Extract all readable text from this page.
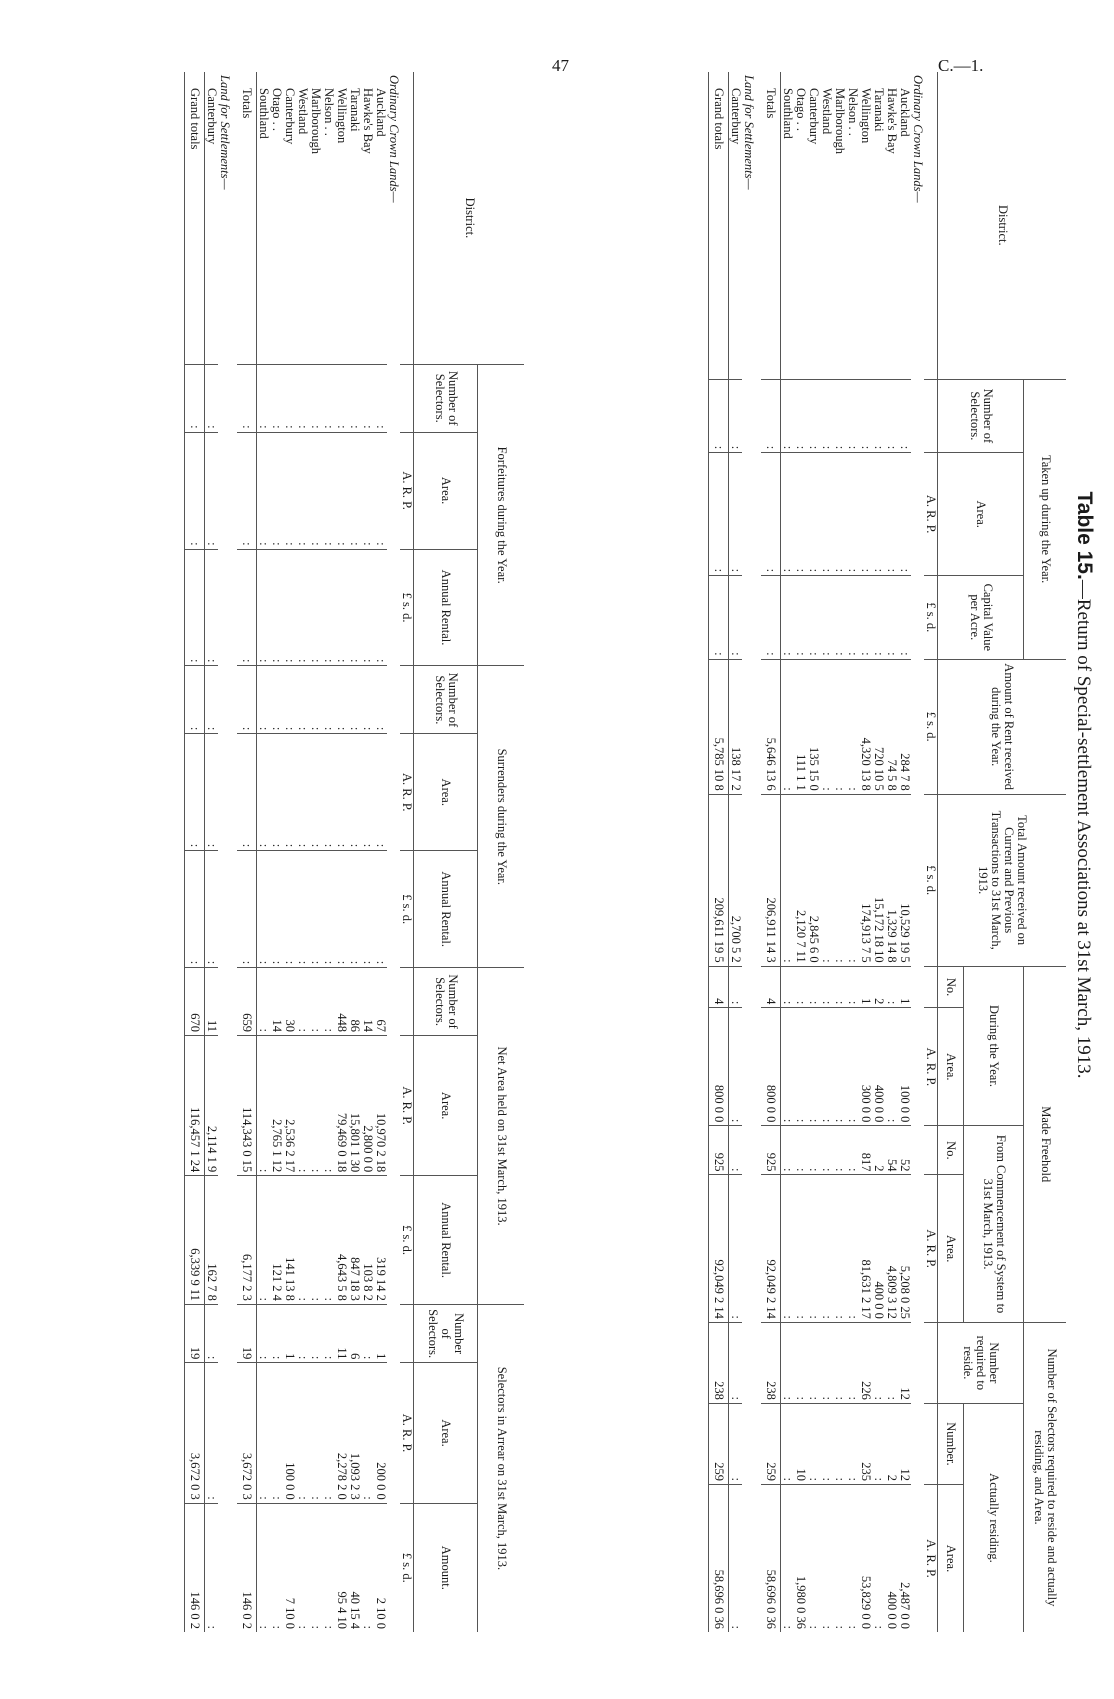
47	C.—1.
Table 15.—Return of Special-settlement Associations at 31st March, 1913.
District.	Taken up during the Year.			Amount of Rent received during the Year.	Total Amount received on Current and Previous Transactions to 31st March, 1913.	Made Freehold				Number of Selectors required to reside and actually residing, and Area.		
	Number of Selectors.	Area.	Capital Value per Acre.			During the Year.		From Commencement of System to 31st March, 1913.		Number required to reside.	Actually residing.	
						No.	Area.	No.	Area.		Number.	Area.
		A. R. P.	£ s. d.	£ s. d.	£ s. d.		A. R. P.		A. R. P.			A. R. P.
Ordinary Crown Lands—												
Auckland	:	:	:	284 7 8	10,529 19 5	1	100 0 0	52	5,208 0 25	12	12	2,487 0 0
Hawke's Bay	:	:	:	74 5 8	1,329 14 8	:	:	54	4,809 3 12	:	2	400 0 0
Taranaki	:	:	:	720 10 5	15,172 18 10	2	400 0 0	2	400 0 0	:	:	:
Wellington	:	:	:	4,320 13 8	174,913 7 5	1	300 0 0	817	81,631 2 17	226	235	53,829 0 0
Nelson . .	:	:	:	:	:	:	:	:	:	:	:	:
Marlborough	:	:	:	:	:	:	:	:	:	:	:	:
Westland	:	:	:	:	:	:	:	:	:	:	:	:
Canterbury	:	:	:	135 15 0	2,845 6 0	:	:	:	:	:	:	:
Otago . .	:	:	:	111 1 1	2,120 7 11	:	:	:	:	:	10	1,980 0 36
Southland	:	:	:	:	:	:	:	:	:	:	:	:
Totals	:	:	:	5,646 13 6	206,911 14 3	4	800 0 0	925	92,049 2 14	238	259	58,696 0 36
Land for Settlements—												
Canterbury	:	:	:	138 17 2	2,700 5 2	:	:	:	:	:	:	:
Grand totals	:	:	:	5,785 10 8	209,611 19 5	4	800 0 0	925	92,049 2 14	238	259	58,696 0 36
District.	Forfeitures during the Year.			Surrenders during the Year.			Net Area held on 31st March, 1913.			Selectors in Arrear on 31st March, 1913.		
	Number of Selectors.	Area.	Annual Rental.	Number of Selectors.	Area.	Annual Rental.	Number of Selectors.	Area.	Annual Rental.	Number of Selectors.	Area.	Amount.
		A. R. P.	£ s. d.		A. R. P.	£ s. d.		A. R. P.	£ s. d.		A. R. P.	£ s. d.
Ordinary Crown Lands—												
Auckland	:	:	:	:	:	:	67	10,970 2 18	319 14 2	1	200 0 0	2 10 0
Hawke's Bay	:	:	:	:	:	:	14	2,800 0 0	103 8 2	:	:	:
Taranaki	:	:	:	:	:	:	86	15,801 1 30	847 18 3	6	1,093 2 3	40 15 4
Wellington	:	:	:	:	:	:	448	79,469 0 18	4,643 5 8	11	2,278 2 0	95 4 10
Nelson . .	:	:	:	:	:	:	:	:	:	:	:	:
Marlborough	:	:	:	:	:	:	:	:	:	:	:	:
Westland	:	:	:	:	:	:	:	:	:	:	:	:
Canterbury	:	:	:	:	:	:	30	2,536 2 17	141 13 8	1	100 0 0	7 10 0
Otago . .	:	:	:	:	:	:	14	2,765 1 12	121 2 4	:	:	:
Southland	:	:	:	:	:	:	:	:	:	:	:	:
Totals	:	:	:	:	:	:	659	114,343 0 15	6,177 2 3	19	3,672 0 3	146 0 2
Land for Settlements—												
Canterbury	:	:	:	:	:	:	11	2,114 1 9	162 7 8	:	:	:
Grand totals	:	:	:	:	:	:	670	116,457 1 24	6,339 9 11	19	3,672 0 3	146 0 2
